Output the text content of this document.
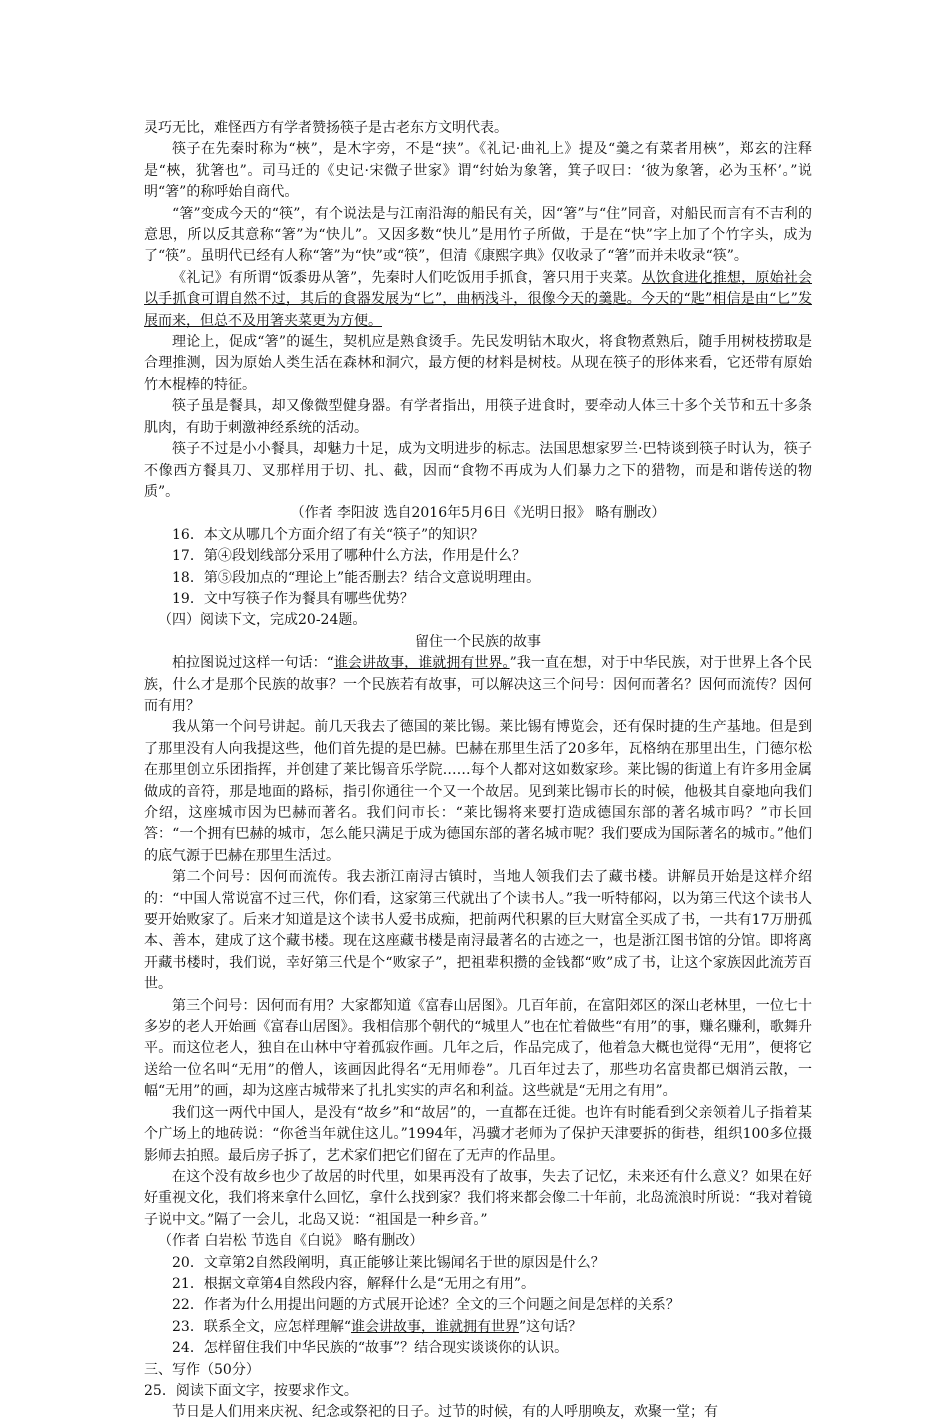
灵巧无比，难怪西方有学者赞扬筷子是古老东方文明代表。

筷子在先秦时称为“梜”，是木字旁，不是“挟”。《礼记·曲礼上》提及“羹之有菜者用梜”，郑玄的注释是“梜，犹箸也”。司马迁的《史记·宋微子世家》谓“纣始为象箸，箕子叹曰：‘彼为象箸，必为玉杯’。”说明“箸”的称呼始自商代。

“箸”变成今天的“筷”，有个说法是与江南沿海的船民有关，因“箸”与“住”同音，对船民而言有不吉利的意思，所以反其意称“箸”为“快儿”。又因多数“快儿”是用竹子所做，于是在“快”字上加了个竹字头，成为了“筷”。虽明代已经有人称“箸”为“快”或“筷”，但清《康熙字典》仅收录了“箸”而并未收录“筷”。

《礼记》有所谓“饭黍毋从箸”，先秦时人们吃饭用手抓食，箸只用于夹菜。从饮食进化推想，原始社会以手抓食可谓自然不过，其后的食器发展为“匕”，曲柄浅斗，很像今天的羹匙。今天的“匙”相信是由“匕”发展而来，但总不及用箸夹菜更为方便。

理论上，促成“箸”的诞生，契机应是熟食烫手。先民发明钻木取火，将食物煮熟后，随手用树枝捞取是合理推测，因为原始人类生活在森林和洞穴，最方便的材料是树枝。从现在筷子的形体来看，它还带有原始竹木棍棒的特征。

筷子虽是餐具，却又像微型健身器。有学者指出，用筷子进食时，要牵动人体三十多个关节和五十多条肌肉，有助于刺激神经系统的活动。

筷子不过是小小餐具，却魅力十足，成为文明进步的标志。法国思想家罗兰·巴特谈到筷子时认为，筷子不像西方餐具刀、叉那样用于切、扎、截，因而“食物不再成为人们暴力之下的猎物，而是和谐传送的物质”。

（作者 李阳波 选自2016年5月6日《光明日报》 略有删改）

16．本文从哪几个方面介绍了有关“筷子”的知识？

17．第④段划线部分采用了哪种什么方法，作用是什么？

18．第⑤段加点的“理论上”能否删去？结合文意说明理由。

19．文中写筷子作为餐具有哪些优势？

（四）阅读下文，完成20-24题。

留住一个民族的故事

柏拉图说过这样一句话：“谁会讲故事，谁就拥有世界。”我一直在想，对于中华民族，对于世界上各个民族，什么才是那个民族的故事？一个民族若有故事，可以解决这三个问号：因何而著名？因何而流传？因何而有用？

我从第一个问号讲起。前几天我去了德国的莱比锡。莱比锡有博览会，还有保时捷的生产基地。但是到了那里没有人向我提这些，他们首先提的是巴赫。巴赫在那里生活了20多年，瓦格纳在那里出生，门德尔松在那里创立乐团指挥，并创建了莱比锡音乐学院……每个人都对这如数家珍。莱比锡的街道上有许多用金属做成的音符，那是地面的路标，指引你通往一个又一个故居。见到莱比锡市长的时候，他极其自豪地向我们介绍，这座城市因为巴赫而著名。我们问市长：“莱比锡将来要打造成德国东部的著名城市吗？”市长回答：“一个拥有巴赫的城市，怎么能只满足于成为德国东部的著名城市呢？我们要成为国际著名的城市。”他们的底气源于巴赫在那里生活过。

第二个问号：因何而流传。我去浙江南浔古镇时，当地人领我们去了藏书楼。讲解员开始是这样介绍的：“中国人常说富不过三代，你们看，这家第三代就出了个读书人。”我一听特郁闷，以为第三代这个读书人要开始败家了。后来才知道是这个读书人爱书成痴，把前两代积累的巨大财富全买成了书，一共有17万册孤本、善本，建成了这个藏书楼。现在这座藏书楼是南浔最著名的古迹之一，也是浙江图书馆的分馆。即将离开藏书楼时，我们说，幸好第三代是个“败家子”，把祖辈积攒的金钱都“败”成了书，让这个家族因此流芳百世。

第三个问号：因何而有用？大家都知道《富春山居图》。几百年前，在富阳郊区的深山老林里，一位七十多岁的老人开始画《富春山居图》。我相信那个朝代的“城里人”也在忙着做些“有用”的事，赚名赚利，歌舞升平。而这位老人，独自在山林中守着孤寂作画。几年之后，作品完成了，他着急大概也觉得“无用”，便将它送给一位名叫“无用”的僧人，该画因此得名“无用师卷”。几百年过去了，那些功名富贵都已烟消云散，一幅“无用”的画，却为这座古城带来了扎扎实实的声名和利益。这些就是“无用之有用”。

我们这一两代中国人，是没有“故乡”和“故居”的，一直都在迁徙。也许有时能看到父亲领着儿子指着某个广场上的地砖说：“你爸当年就住这儿。”1994年，冯骥才老师为了保护天津要拆的街巷，组织100多位摄影师去拍照。最后房子拆了，艺术家们把它们留在了无声的作品里。

在这个没有故乡也少了故居的时代里，如果再没有了故事，失去了记忆，未来还有什么意义？如果在好好重视文化，我们将来拿什么回忆，拿什么找到家？我们将来都会像二十年前，北岛流浪时所说：“我对着镜子说中文。”隔了一会儿，北岛又说：“祖国是一种乡音。”

（作者 白岩松 节选自《白说》 略有删改）

20．文章第2自然段阐明，真正能够让莱比锡闻名于世的原因是什么？

21．根据文章第4自然段内容，解释什么是“无用之有用”。

22．作者为什么用提出问题的方式展开论述？全文的三个问题之间是怎样的关系？

23．联系全文，应怎样理解“谁会讲故事，谁就拥有世界”这句话？

24．怎样留住我们中华民族的“故事”？结合现实谈谈你的认识。

三、写作（50分）

25．阅读下面文字，按要求作文。

节日是人们用来庆祝、纪念或祭祀的日子。过节的时候，有的人呼朋唤友，欢聚一堂；有
